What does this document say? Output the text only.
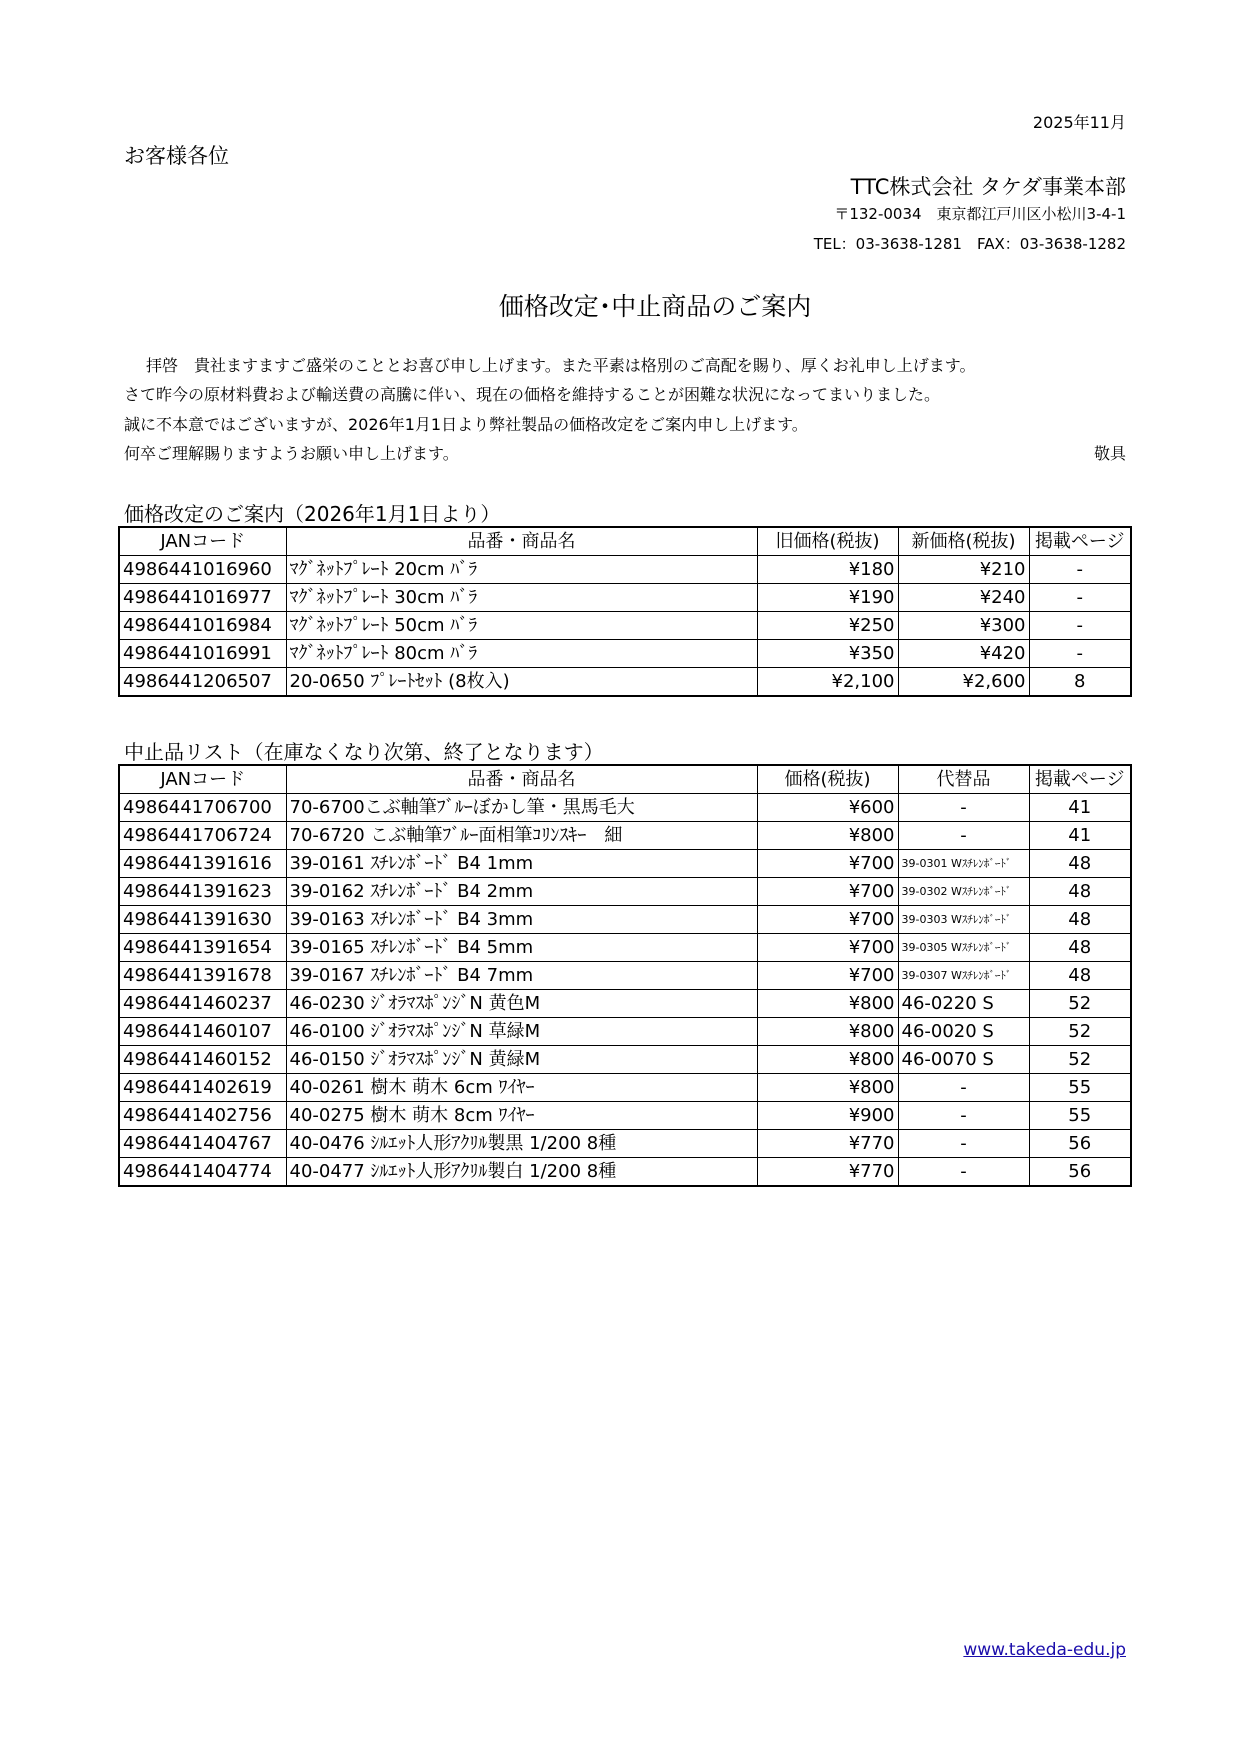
2025年11月
お客様各位
TTC株式会社 タケダ事業本部
〒132-0034　東京都江戸川区小松川3-4-1
TEL：03-3638-1281　FAX：03-3638-1282
価格改定･中止商品のご案内
拝啓　貴社ますますご盛栄のこととお喜び申し上げます。また平素は格別のご高配を賜り、厚くお礼申し上げます。
さて昨今の原材料費および輸送費の高騰に伴い、現在の価格を維持することが困難な状況になってまいりました。
誠に不本意ではございますが、2026年1月1日より弊社製品の価格改定をご案内申し上げます。
何卒ご理解賜りますようお願い申し上げます。	敬具
価格改定のご案内（2026年1月1日より）
JANコード	品番・商品名	旧価格(税抜)	新価格(税抜)	掲載ページ
4986441016960	ﾏｸﾞﾈｯﾄﾌﾟﾚｰﾄ 20cm ﾊﾞﾗ	¥180	¥210	-
4986441016977	ﾏｸﾞﾈｯﾄﾌﾟﾚｰﾄ 30cm ﾊﾞﾗ	¥190	¥240	-
4986441016984	ﾏｸﾞﾈｯﾄﾌﾟﾚｰﾄ 50cm ﾊﾞﾗ	¥250	¥300	-
4986441016991	ﾏｸﾞﾈｯﾄﾌﾟﾚｰﾄ 80cm ﾊﾞﾗ	¥350	¥420	-
4986441206507	20-0650 ﾌﾟﾚｰﾄｾｯﾄ (8枚入)	¥2,100	¥2,600	8
中止品リスト（在庫なくなり次第、終了となります）
JANコード	品番・商品名	価格(税抜)	代替品	掲載ページ
4986441706700	70-6700こぶ軸筆ﾌﾞﾙｰぼかし筆・黒馬毛大	¥600	-	41
4986441706724	70-6720 こぶ軸筆ﾌﾞﾙｰ面相筆ｺﾘﾝｽｷｰ　細	¥800	-	41
4986441391616	39-0161 ｽﾁﾚﾝﾎﾞｰﾄﾞ B4 1mm	¥700	39-0301 Wｽﾁﾚﾝﾎﾞｰﾄﾞ	48
4986441391623	39-0162 ｽﾁﾚﾝﾎﾞｰﾄﾞ B4 2mm	¥700	39-0302 Wｽﾁﾚﾝﾎﾞｰﾄﾞ	48
4986441391630	39-0163 ｽﾁﾚﾝﾎﾞｰﾄﾞ B4 3mm	¥700	39-0303 Wｽﾁﾚﾝﾎﾞｰﾄﾞ	48
4986441391654	39-0165 ｽﾁﾚﾝﾎﾞｰﾄﾞ B4 5mm	¥700	39-0305 Wｽﾁﾚﾝﾎﾞｰﾄﾞ	48
4986441391678	39-0167 ｽﾁﾚﾝﾎﾞｰﾄﾞ B4 7mm	¥700	39-0307 Wｽﾁﾚﾝﾎﾞｰﾄﾞ	48
4986441460237	46-0230 ｼﾞｵﾗﾏｽﾎﾟﾝｼﾞN 黄色M	¥800	46-0220 S	52
4986441460107	46-0100 ｼﾞｵﾗﾏｽﾎﾟﾝｼﾞN 草緑M	¥800	46-0020 S	52
4986441460152	46-0150 ｼﾞｵﾗﾏｽﾎﾟﾝｼﾞN 黄緑M	¥800	46-0070 S	52
4986441402619	40-0261 樹木 萌木 6cm ﾜｲﾔｰ	¥800	-	55
4986441402756	40-0275 樹木 萌木 8cm ﾜｲﾔｰ	¥900	-	55
4986441404767	40-0476 ｼﾙｴｯﾄ人形ｱｸﾘﾙ製黒 1/200 8種	¥770	-	56
4986441404774	40-0477 ｼﾙｴｯﾄ人形ｱｸﾘﾙ製白 1/200 8種	¥770	-	56
www.takeda-edu.jp
